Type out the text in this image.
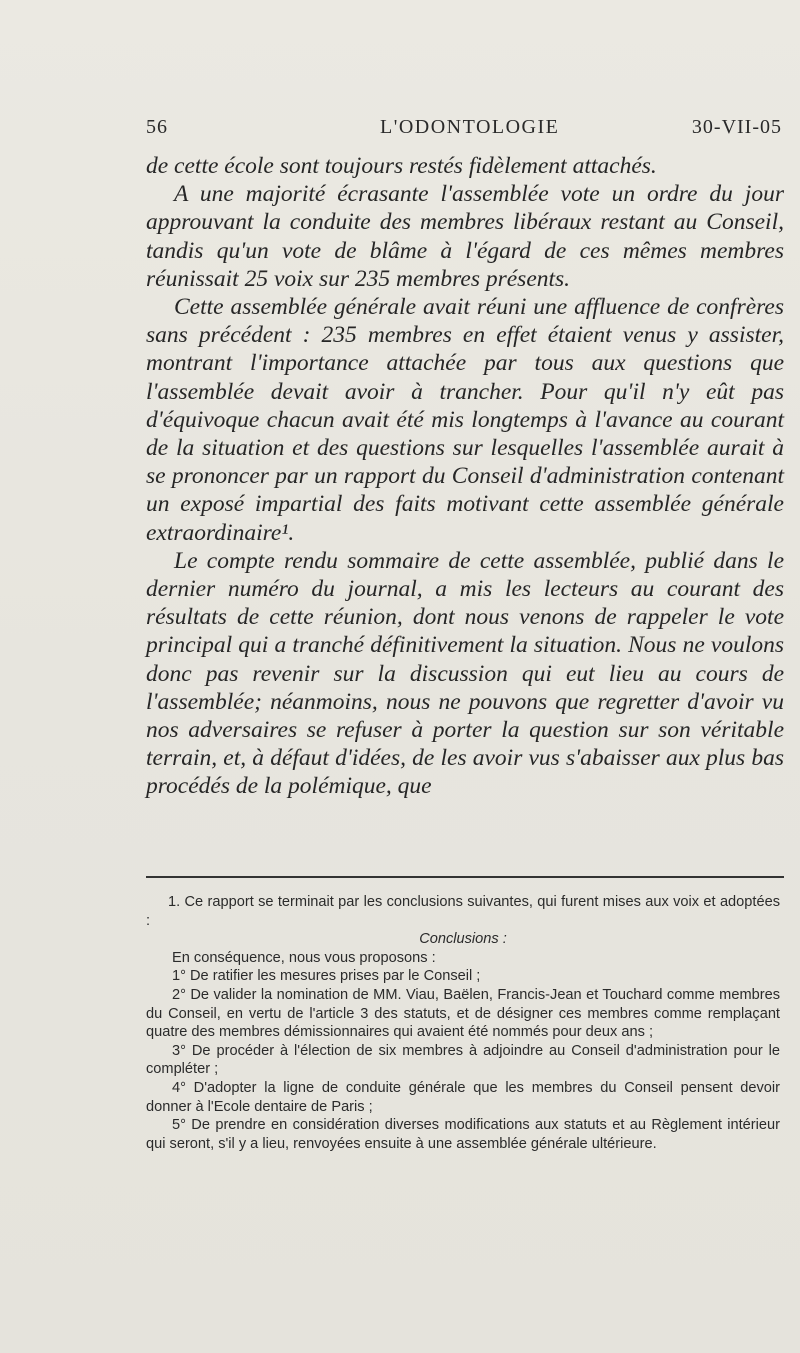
56	L'ODONTOLOGIE	30-VII-05

de cette école sont toujours restés fidèlement attachés.

A une majorité écrasante l'assemblée vote un ordre du jour approuvant la conduite des membres libéraux restant au Conseil, tandis qu'un vote de blâme à l'égard de ces mêmes membres réunissait 25 voix sur 235 membres présents.

Cette assemblée générale avait réuni une affluence de confrères sans précédent : 235 membres en effet étaient venus y assister, montrant l'importance attachée par tous aux questions que l'assemblée devait avoir à trancher. Pour qu'il n'y eût pas d'équivoque chacun avait été mis longtemps à l'avance au courant de la situation et des questions sur lesquelles l'assemblée aurait à se prononcer par un rapport du Conseil d'administration contenant un exposé impartial des faits motivant cette assemblée générale extraordinaire¹.

Le compte rendu sommaire de cette assemblée, publié dans le dernier numéro du journal, a mis les lecteurs au courant des résultats de cette réunion, dont nous venons de rappeler le vote principal qui a tranché définitivement la situation. Nous ne voulons donc pas revenir sur la discussion qui eut lieu au cours de l'assemblée; néanmoins, nous ne pouvons que regretter d'avoir vu nos adversaires se refuser à porter la question sur son véritable terrain, et, à défaut d'idées, de les avoir vus s'abaisser aux plus bas procédés de la polémique, que

1. Ce rapport se terminait par les conclusions suivantes, qui furent mises aux voix et adoptées :

Conclusions :

En conséquence, nous vous proposons :

1° De ratifier les mesures prises par le Conseil ;

2° De valider la nomination de MM. Viau, Baëlen, Francis-Jean et Touchard comme membres du Conseil, en vertu de l'article 3 des statuts, et de désigner ces membres comme remplaçant quatre des membres démissionnaires qui avaient été nommés pour deux ans ;

3° De procéder à l'élection de six membres à adjoindre au Conseil d'administration pour le compléter ;

4° D'adopter la ligne de conduite générale que les membres du Conseil pensent devoir donner à l'Ecole dentaire de Paris ;

5° De prendre en considération diverses modifications aux statuts et au Règlement intérieur qui seront, s'il y a lieu, renvoyées ensuite à une assemblée générale ultérieure.
